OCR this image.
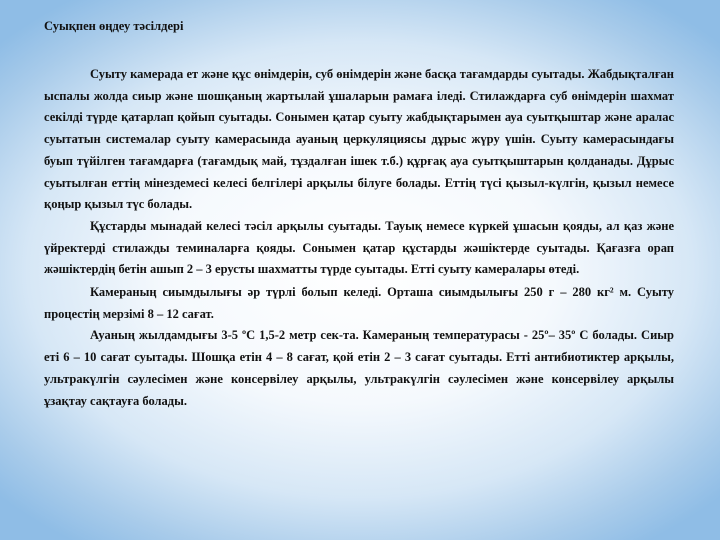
Суықпен өңдеу тәсілдері

Суыту камерада ет және құс өнімдерін, суб өнімдерін және басқа тағамдарды суытады. Жабдықталған ыспалы жолда сиыр және шошқаның жартылай ұшаларын рамаға іледі. Стилаждарға суб өнімдерін шахмат секілді түрде қатарлап қойып суытады. Сонымен қатар суыту жабдықтарымен ауа суытқыштар және аралас суытатын системалар суыту камерасында ауаның церкуляциясы дұрыс жүру үшін. Суыту камерасындағы буып түйілген тағамдарға (тағамдық май, тұздалған ішек т.б.) құрғақ ауа суытқыштарын қолданады. Дұрыс суытылған еттің мінездемесі келесі белгілері арқылы білуге болады. Еттің түсі қызыл-күлгін, қызыл немесе қоңыр қызыл түс болады.

Құстарды мынадай келесі тәсіл арқылы суытады. Тауық немесе күркей ұшасын қояды, ал қаз және үйректерді стилажды теминаларға қояды. Сонымен қатар құстарды жәшіктерде суытады. Қағазға орап жәшіктердің бетін ашып 2 – 3 ерусты шахматты түрде суытады. Етті суыту камералары өтеді.

Камераның сиымдылығы әр түрлі болып келеді. Орташа сиымдылығы 250 г – 280 кг² м. Суыту процестің мерзімі 8 – 12 сағат.

Ауаның жылдамдығы 3-5 ºС 1,5-2 метр сек-та. Камераның температурасы - 25º– 35º С болады. Сиыр еті 6 – 10 сағат суытады. Шошқа етін 4 – 8 сағат, қой етін 2 – 3 сағат суытады. Етті антибиотиктер арқылы, ультракүлгін сәулесімен және консервілеу арқылы, ультракүлгін сәулесімен және консервілеу арқылы ұзақтау сақтауға болады.
